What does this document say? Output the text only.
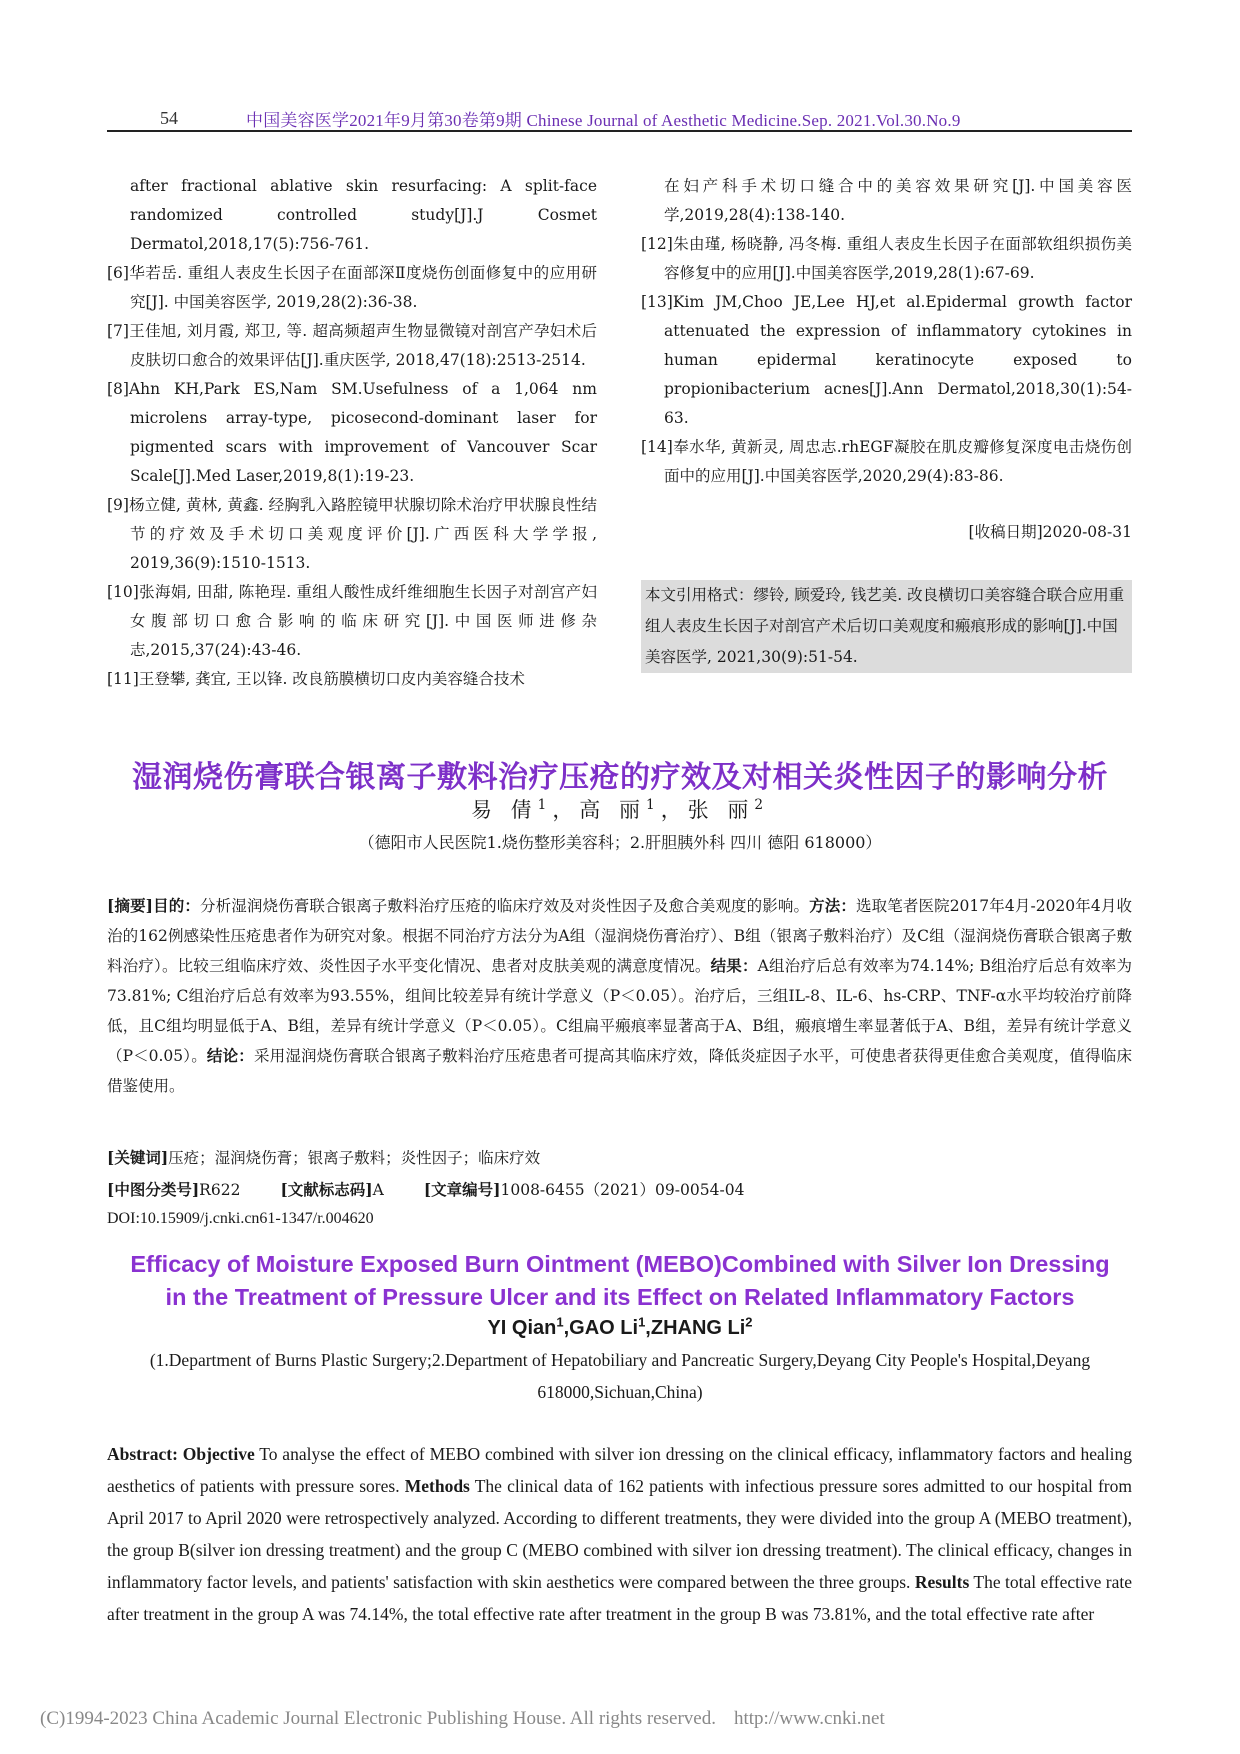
54	中国美容医学2021年9月第30卷第9期 Chinese Journal of Aesthetic Medicine.Sep. 2021.Vol.30.No.9

after fractional ablative skin resurfacing: A split-face randomized controlled study[J].J Cosmet Dermatol,2018,17(5):756-761.

[6]华若岳. 重组人表皮生长因子在面部深Ⅱ度烧伤创面修复中的应用研究[J]. 中国美容医学, 2019,28(2):36-38.

[7]王佳旭, 刘月霞, 郑卫, 等. 超高频超声生物显微镜对剖宫产孕妇术后皮肤切口愈合的效果评估[J].重庆医学, 2018,47(18):2513-2514.

[8]Ahn KH,Park ES,Nam SM.Usefulness of a 1,064 nm microlens array-type, picosecond-dominant laser for pigmented scars with improvement of Vancouver Scar Scale[J].Med Laser,2019,8(1):19-23.

[9]杨立健, 黄林, 黄鑫. 经胸乳入路腔镜甲状腺切除术治疗甲状腺良性结节的疗效及手术切口美观度评价[J].广西医科大学学报, 2019,36(9):1510-1513.

[10]张海娟, 田甜, 陈艳珵. 重组人酸性成纤维细胞生长因子对剖宫产妇女腹部切口愈合影响的临床研究[J].中国医师进修杂志,2015,37(24):43-46.

[11]王登攀, 龚宜, 王以锋. 改良筋膜横切口皮内美容缝合技术

在妇产科手术切口缝合中的美容效果研究[J].中国美容医学,2019,28(4):138-140.

[12]朱由瑾, 杨晓静, 冯冬梅. 重组人表皮生长因子在面部软组织损伤美容修复中的应用[J].中国美容医学,2019,28(1):67-69.

[13]Kim JM,Choo JE,Lee HJ,et al.Epidermal growth factor attenuated the expression of inflammatory cytokines in human epidermal keratinocyte exposed to propionibacterium acnes[J].Ann Dermatol,2018,30(1):54-63.

[14]奉水华, 黄新灵, 周忠志.rhEGF凝胶在肌皮瓣修复深度电击烧伤创面中的应用[J].中国美容医学,2020,29(4):83-86.

[收稿日期]2020-08-31
本文引用格式：缪铃, 顾爱玲, 钱艺美. 改良横切口美容缝合联合应用重组人表皮生长因子对剖宫产术后切口美观度和瘢痕形成的影响[J].中国美容医学, 2021,30(9):51-54.
湿润烧伤膏联合银离子敷料治疗压疮的疗效及对相关炎性因子的影响分析
易 倩$^1$，高 丽$^1$，张 丽$^2$
（德阳市人民医院1.烧伤整形美容科；2.肝胆胰外科 四川 德阳 618000）
[摘要]目的：分析湿润烧伤膏联合银离子敷料治疗压疮的临床疗效及对炎性因子及愈合美观度的影响。方法：选取笔者医院2017年4月-2020年4月收治的162例感染性压疮患者作为研究对象。根据不同治疗方法分为A组（湿润烧伤膏治疗）、B组（银离子敷料治疗）及C组（湿润烧伤膏联合银离子敷料治疗）。比较三组临床疗效、炎性因子水平变化情况、患者对皮肤美观的满意度情况。结果：A组治疗后总有效率为74.14%; B组治疗后总有效率为73.81%; C组治疗后总有效率为93.55%，组间比较差异有统计学意义（P＜0.05）。治疗后，三组IL-8、IL-6、hs-CRP、TNF-α水平均较治疗前降低，且C组均明显低于A、B组，差异有统计学意义（P＜0.05）。C组扁平瘢痕率显著高于A、B组，瘢痕增生率显著低于A、B组，差异有统计学意义（P＜0.05）。结论：采用湿润烧伤膏联合银离子敷料治疗压疮患者可提高其临床疗效，降低炎症因子水平，可使患者获得更佳愈合美观度，值得临床借鉴使用。
[关键词]压疮；湿润烧伤膏；银离子敷料；炎性因子；临床疗效
[中图分类号]R622	[文献标志码]A	[文章编号]1008-6455（2021）09-0054-04
DOI:10.15909/j.cnki.cn61-1347/r.004620
Efficacy of Moisture Exposed Burn Ointment (MEBO)Combined with Silver Ion Dressing
in the Treatment of Pressure Ulcer and its Effect on Related Inflammatory Factors
YI Qian$^1$,GAO Li$^1$,ZHANG Li$^2$
(1.Department of Burns Plastic Surgery;2.Department of Hepatobiliary and Pancreatic Surgery,Deyang City People's Hospital,Deyang 618000,Sichuan,China)
Abstract: Objective To analyse the effect of MEBO combined with silver ion dressing on the clinical efficacy, inflammatory factors and healing aesthetics of patients with pressure sores. Methods The clinical data of 162 patients with infectious pressure sores admitted to our hospital from April 2017 to April 2020 were retrospectively analyzed. According to different treatments, they were divided into the group A (MEBO treatment), the group B(silver ion dressing treatment) and the group C (MEBO combined with silver ion dressing treatment). The clinical efficacy, changes in inflammatory factor levels, and patients' satisfaction with skin aesthetics were compared between the three groups. Results The total effective rate after treatment in the group A was 74.14%, the total effective rate after treatment in the group B was 73.81%, and the total effective rate after
(C)1994-2023 China Academic Journal Electronic Publishing House. All rights reserved. http://www.cnki.net
